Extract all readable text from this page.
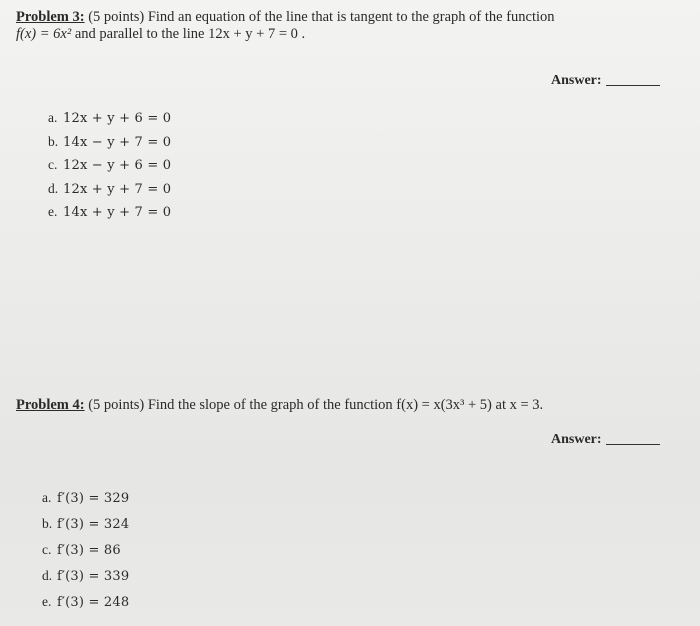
Problem 3: (5 points) Find an equation of the line that is tangent to the graph of the function
f(x) = 6x² and parallel to the line 12x + y + 7 = 0 .
Answer:
a. 12x + y + 6 = 0
b. 14x − y + 7 = 0
c. 12x − y + 6 = 0
d. 12x + y + 7 = 0
e. 14x + y + 7 = 0
Problem 4: (5 points) Find the slope of the graph of the function f(x) = x(3x³ + 5) at x = 3.
Answer:
a. f′(3) = 329
b. f′(3) = 324
c. f′(3) = 86
d. f′(3) = 339
e. f′(3) = 248
